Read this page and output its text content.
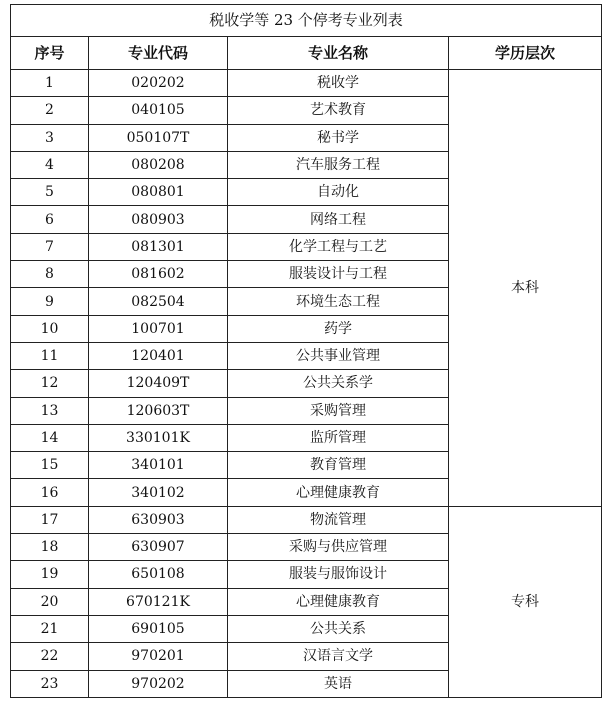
税收学等 23 个停考专业列表			
序号	专业代码	专业名称	学历层次
1	020202	税收学	本科
2	040105	艺术教育	
3	050107T	秘书学	
4	080208	汽车服务工程	
5	080801	自动化	
6	080903	网络工程	
7	081301	化学工程与工艺	
8	081602	服装设计与工程	
9	082504	环境生态工程	
10	100701	药学	
11	120401	公共事业管理	
12	120409T	公共关系学	
13	120603T	采购管理	
14	330101K	监所管理	
15	340101	教育管理	
16	340102	心理健康教育	
17	630903	物流管理	专科
18	630907	采购与供应管理	
19	650108	服装与服饰设计	
20	670121K	心理健康教育	
21	690105	公共关系	
22	970201	汉语言文学	
23	970202	英语	
